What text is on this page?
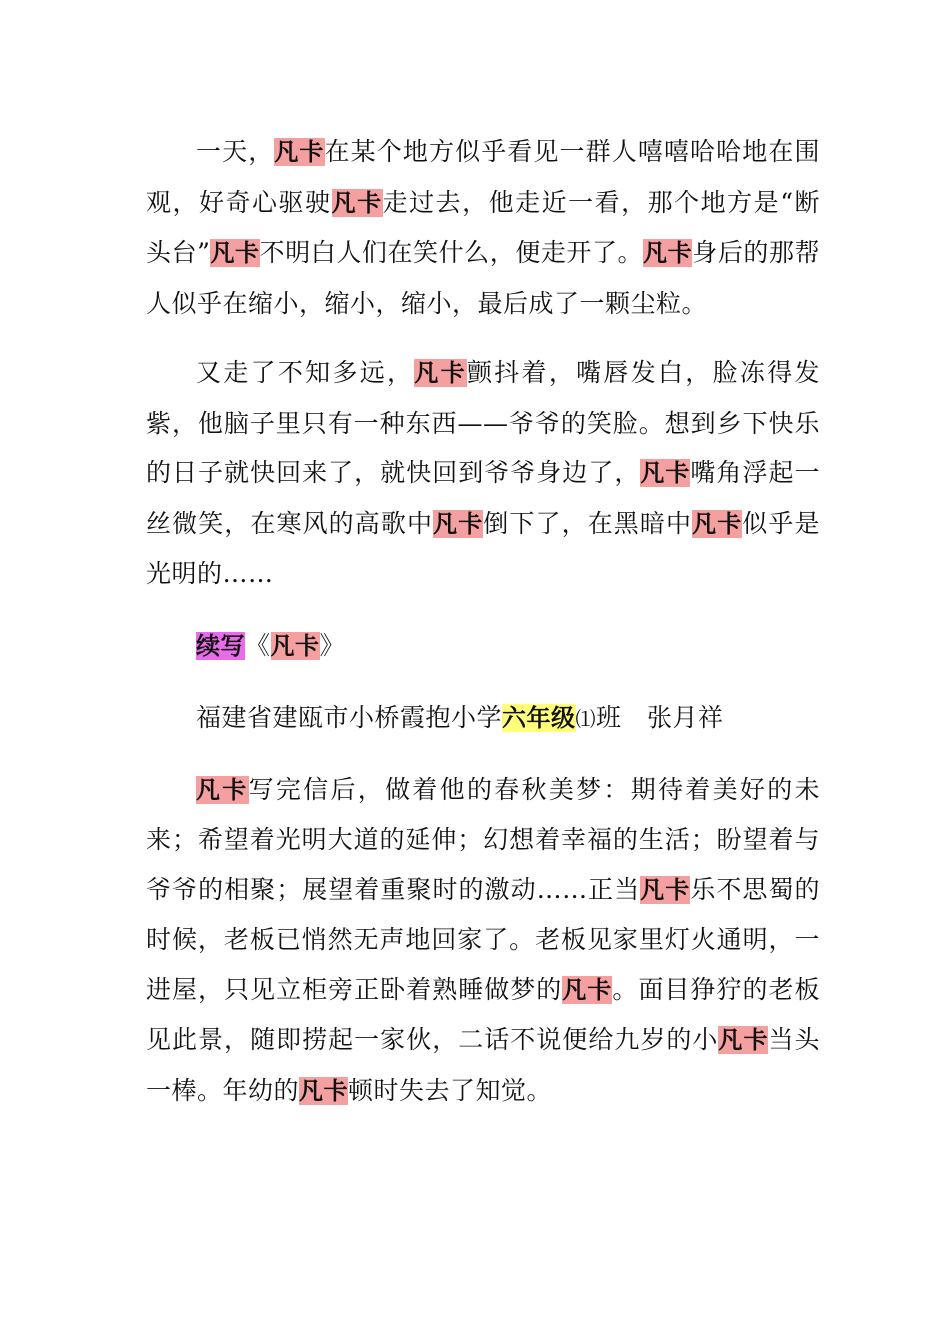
一天，凡卡在某个地方似乎看见一群人嘻嘻哈哈地在围观，好奇心驱驶凡卡走过去，他走近一看，那个地方是“断头台”凡卡不明白人们在笑什么，便走开了。凡卡身后的那帮人似乎在缩小，缩小，缩小，最后成了一颗尘粒。

又走了不知多远，凡卡颤抖着，嘴唇发白，脸冻得发紫，他脑子里只有一种东西——爷爷的笑脸。想到乡下快乐的日子就快回来了，就快回到爷爷身边了，凡卡嘴角浮起一丝微笑，在寒风的高歌中凡卡倒下了，在黑暗中凡卡似乎是光明的……

续写《凡卡》

福建省建瓯市小桥霞抱小学六年级⑴班　张月祥

凡卡写完信后，做着他的春秋美梦：期待着美好的未来；希望着光明大道的延伸；幻想着幸福的生活；盼望着与爷爷的相聚；展望着重聚时的激动……正当凡卡乐不思蜀的时候，老板已悄然无声地回家了。老板见家里灯火通明，一进屋，只见立柜旁正卧着熟睡做梦的凡卡。面目狰狞的老板见此景，随即捞起一家伙，二话不说便给九岁的小凡卡当头一棒。年幼的凡卡顿时失去了知觉。
